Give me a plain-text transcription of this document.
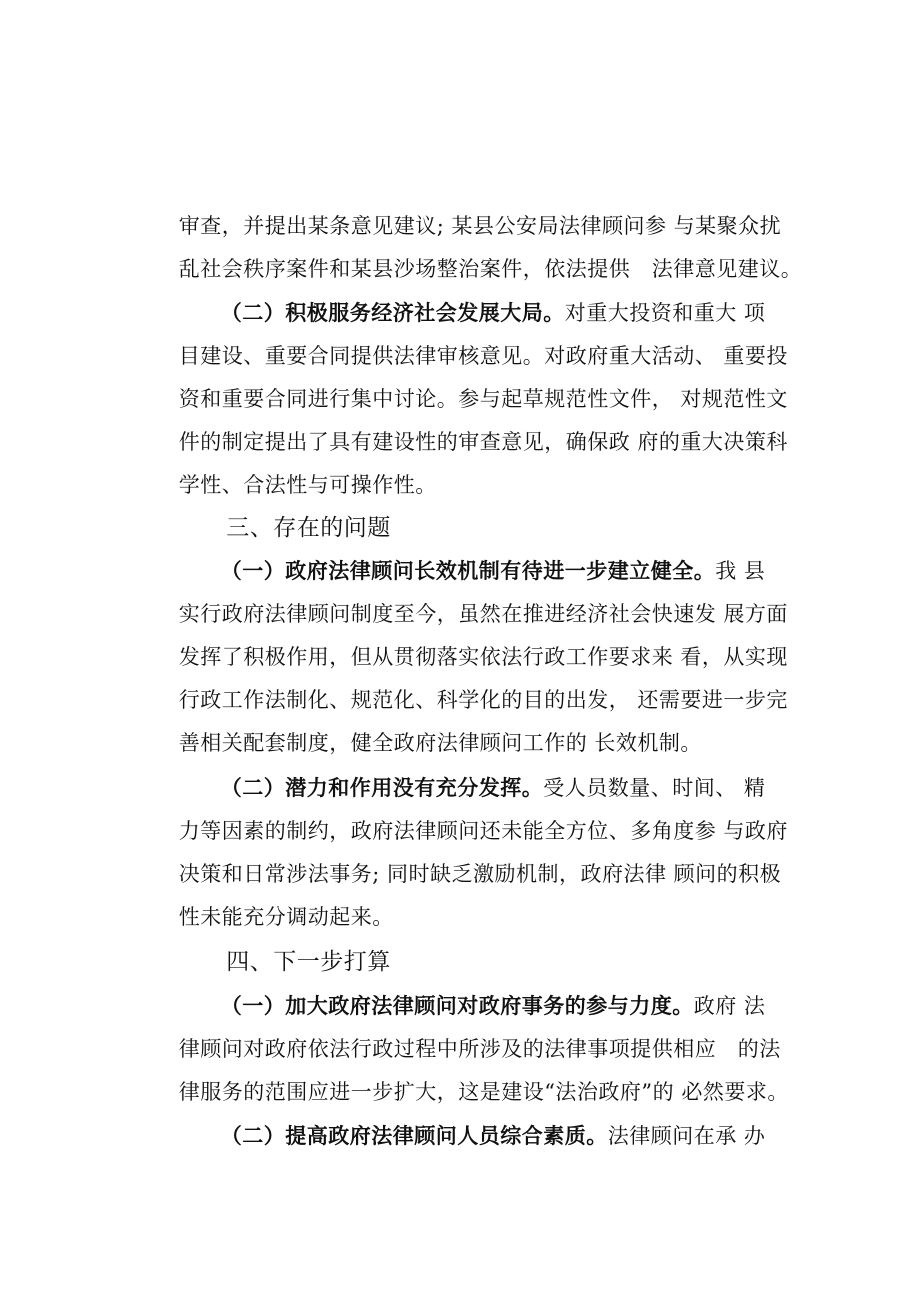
审查，并提出某条意见建议; 某县公安局法律顾问参 与某聚众扰

乱社会秩序案件和某县沙场整治案件，依法提供　法律意见建议。

（二）积极服务经济社会发展大局。对重大投资和重大 项

目建设、重要合同提供法律审核意见。对政府重大活动、 重要投

资和重要合同进行集中讨论。参与起草规范性文件， 对规范性文

件的制定提出了具有建设性的审查意见，确保政 府的重大决策科

学性、合法性与可操作性。

三、存在的问题

（一）政府法律顾问长效机制有待进一步建立健全。我 县

实行政府法律顾问制度至今，虽然在推进经济社会快速发 展方面

发挥了积极作用，但从贯彻落实依法行政工作要求来 看，从实现

行政工作法制化、规范化、科学化的目的出发， 还需要进一步完

善相关配套制度，健全政府法律顾问工作的 长效机制。

（二）潜力和作用没有充分发挥。受人员数量、时间、 精

力等因素的制约，政府法律顾问还未能全方位、多角度参 与政府

决策和日常涉法事务; 同时缺乏激励机制，政府法律 顾问的积极

性未能充分调动起来。

四、下一步打算

（一）加大政府法律顾问对政府事务的参与力度。政府 法

律顾问对政府依法行政过程中所涉及的法律事项提供相应　的法

律服务的范围应进一步扩大，这是建设“法治政府”的 必然要求。

（二）提高政府法律顾问人员综合素质。法律顾问在承 办
